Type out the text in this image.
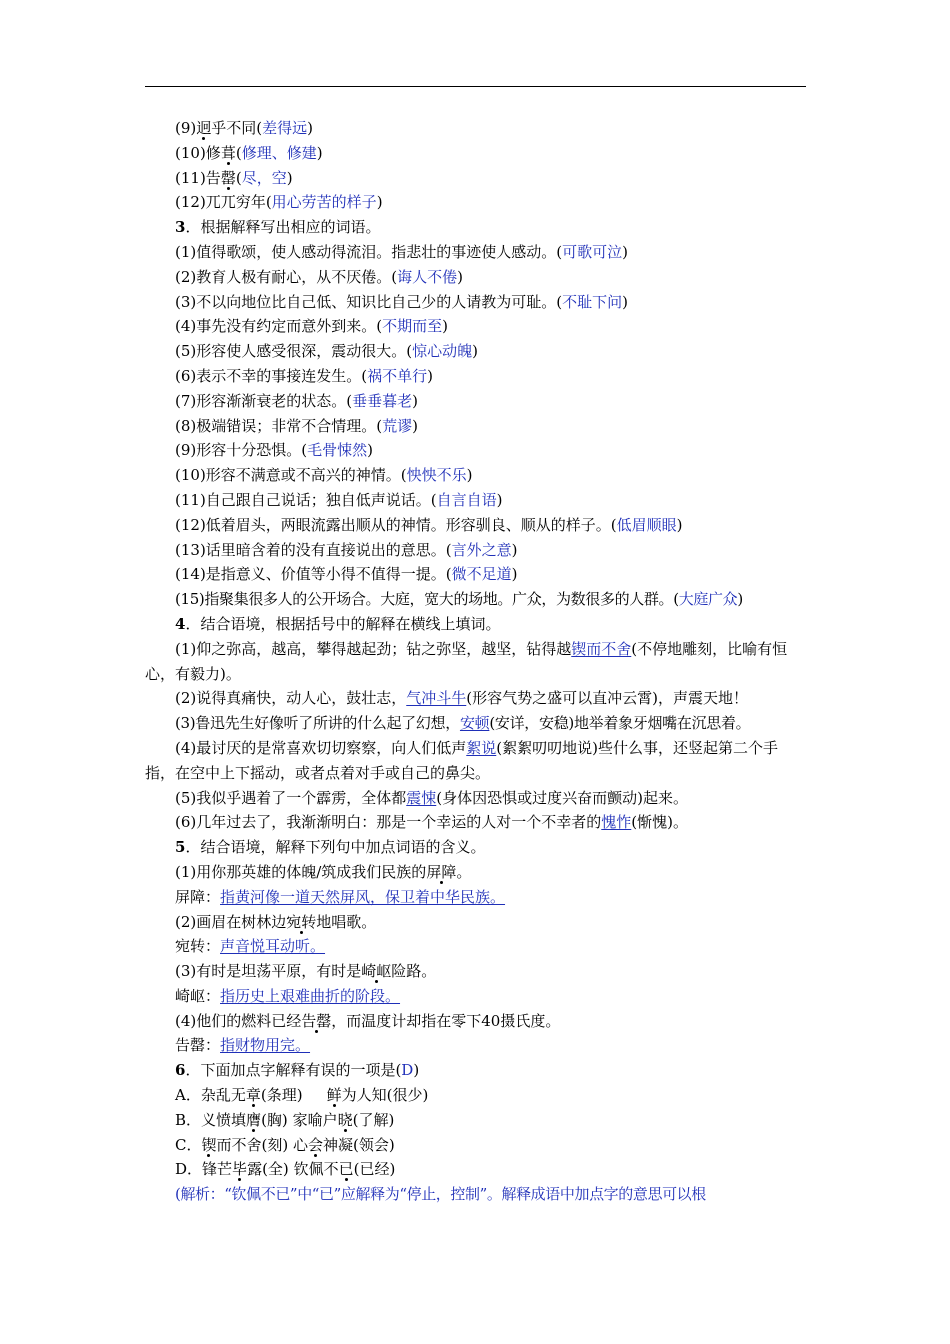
(9)迥乎不同(差得远)
(10)修葺(修理、修建)
(11)告罄(尽，空)
(12)兀兀穷年(用心劳苦的样子)
3．根据解释写出相应的词语。
(1)值得歌颂，使人感动得流泪。指悲壮的事迹使人感动。(可歌可泣)
(2)教育人极有耐心，从不厌倦。(诲人不倦)
(3)不以向地位比自己低、知识比自己少的人请教为可耻。(不耻下问)
(4)事先没有约定而意外到来。(不期而至)
(5)形容使人感受很深，震动很大。(惊心动魄)
(6)表示不幸的事接连发生。(祸不单行)
(7)形容渐渐衰老的状态。(垂垂暮老)
(8)极端错误；非常不合情理。(荒谬)
(9)形容十分恐惧。(毛骨悚然)
(10)形容不满意或不高兴的神情。(怏怏不乐)
(11)自己跟自己说话；独自低声说话。(自言自语)
(12)低着眉头，两眼流露出顺从的神情。形容驯良、顺从的样子。(低眉顺眼)
(13)话里暗含着的没有直接说出的意思。(言外之意)
(14)是指意义、价值等小得不值得一提。(微不足道)
(15)指聚集很多人的公开场合。大庭，宽大的场地。广众，为数很多的人群。(大庭广众)
4．结合语境，根据括号中的解释在横线上填词。
(1)仰之弥高，越高，攀得越起劲；钻之弥坚，越坚，钻得越锲而不舍(不停地雕刻，比喻有恒心，有毅力)。
(2)说得真痛快，动人心，鼓壮志，气冲斗牛(形容气势之盛可以直冲云霄)，声震天地！
(3)鲁迅先生好像听了所讲的什么起了幻想，安顿(安详，安稳)地举着象牙烟嘴在沉思着。
(4)最讨厌的是常喜欢切切察察，向人们低声絮说(絮絮叨叨地说)些什么事，还竖起第二个手指，在空中上下摇动，或者点着对手或自己的鼻尖。
(5)我似乎遇着了一个霹雳，全体都震悚(身体因恐惧或过度兴奋而颤动)起来。
(6)几年过去了，我渐渐明白：那是一个幸运的人对一个不幸者的愧怍(惭愧)。
5．结合语境，解释下列句中加点词语的含义。
(1)用你那英雄的体魄/筑成我们民族的屏障。
屏障：指黄河像一道天然屏风，保卫着中华民族。
(2)画眉在树林边宛转地唱歌。
宛转：声音悦耳动听。
(3)有时是坦荡平原，有时是崎岖险路。
崎岖：指历史上艰难曲折的阶段。
(4)他们的燃料已经告罄，而温度计却指在零下40摄氏度。
告罄：指财物用完。
6．下面加点字解释有误的一项是(D)
A．杂乱无章(条理) 鲜为人知(很少)
B．义愤填膺(胸) 家喻户晓(了解)
C．锲而不舍(刻) 心会神凝(领会)
D．锋芒毕露(全) 钦佩不已(已经)
(解析：“钦佩不已”中“已”应解释为“停止，控制”。解释成语中加点字的意思可以根
